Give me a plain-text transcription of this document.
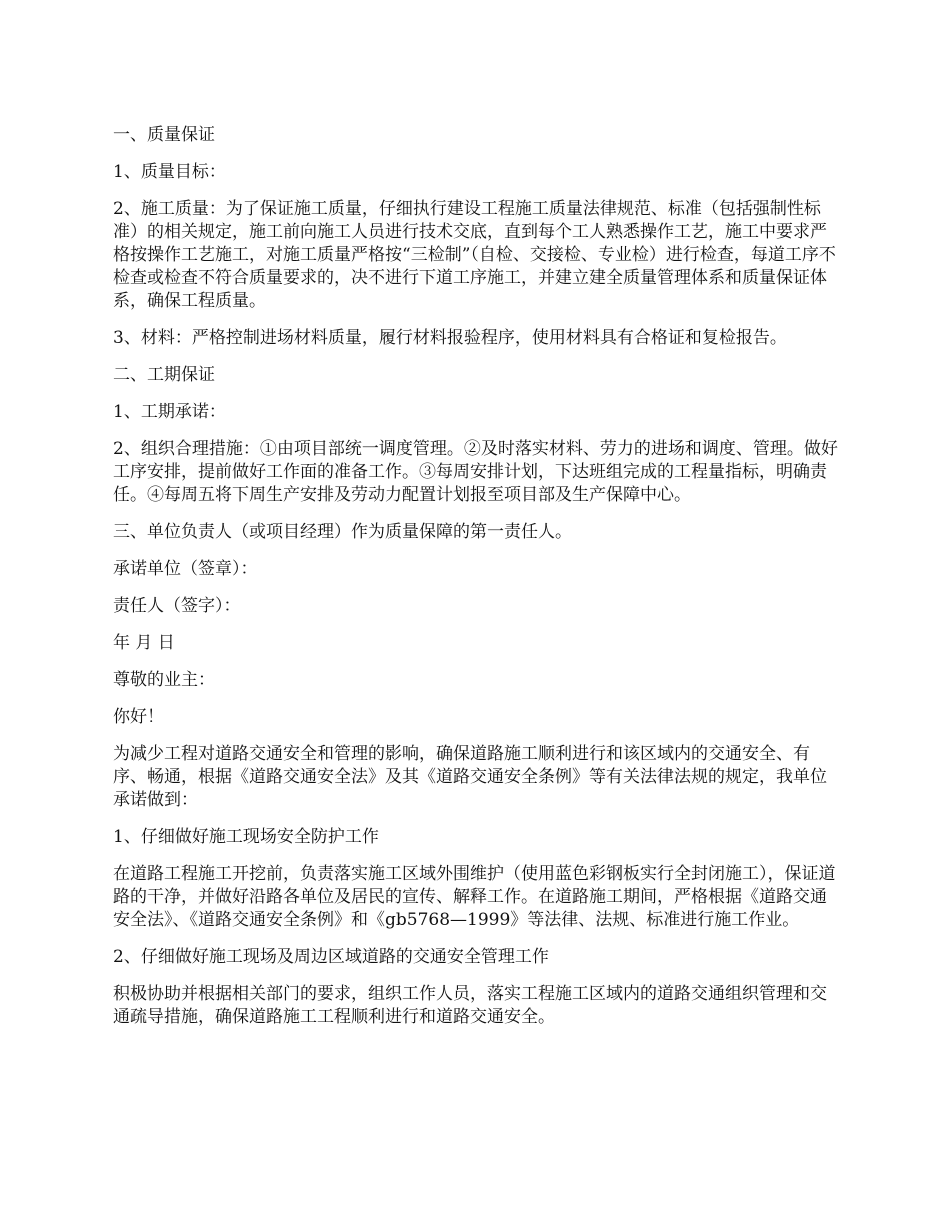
一、质量保证

1、质量目标：

2、施工质量：为了保证施工质量，仔细执行建设工程施工质量法律规范、标准（包括强制性标准）的相关规定，施工前向施工人员进行技术交底，直到每个工人熟悉操作工艺，施工中要求严格按操作工艺施工，对施工质量严格按“三检制”（自检、交接检、专业检）进行检查，每道工序不检查或检查不符合质量要求的，决不进行下道工序施工，并建立建全质量管理体系和质量保证体系，确保工程质量。

3、材料：严格控制进场材料质量，履行材料报验程序，使用材料具有合格证和复检报告。

二、工期保证

1、工期承诺：

2、组织合理措施：①由项目部统一调度管理。②及时落实材料、劳力的进场和调度、管理。做好工序安排，提前做好工作面的准备工作。③每周安排计划，下达班组完成的工程量指标，明确责任。④每周五将下周生产安排及劳动力配置计划报至项目部及生产保障中心。

三、单位负责人（或项目经理）作为质量保障的第一责任人。

承诺单位（签章）：

责任人（签字）：

年 月 日

尊敬的业主：

你好！

为减少工程对道路交通安全和管理的影响，确保道路施工顺利进行和该区域内的交通安全、有序、畅通，根据《道路交通安全法》及其《道路交通安全条例》等有关法律法规的规定，我单位承诺做到：

1、仔细做好施工现场安全防护工作

在道路工程施工开挖前，负责落实施工区域外围维护（使用蓝色彩钢板实行全封闭施工），保证道路的干净，并做好沿路各单位及居民的宣传、解释工作。在道路施工期间，严格根据《道路交通安全法》、《道路交通安全条例》和《gb5768—1999》等法律、法规、标准进行施工作业。

2、仔细做好施工现场及周边区域道路的交通安全管理工作

积极协助并根据相关部门的要求，组织工作人员，落实工程施工区域内的道路交通组织管理和交通疏导措施，确保道路施工工程顺利进行和道路交通安全。
